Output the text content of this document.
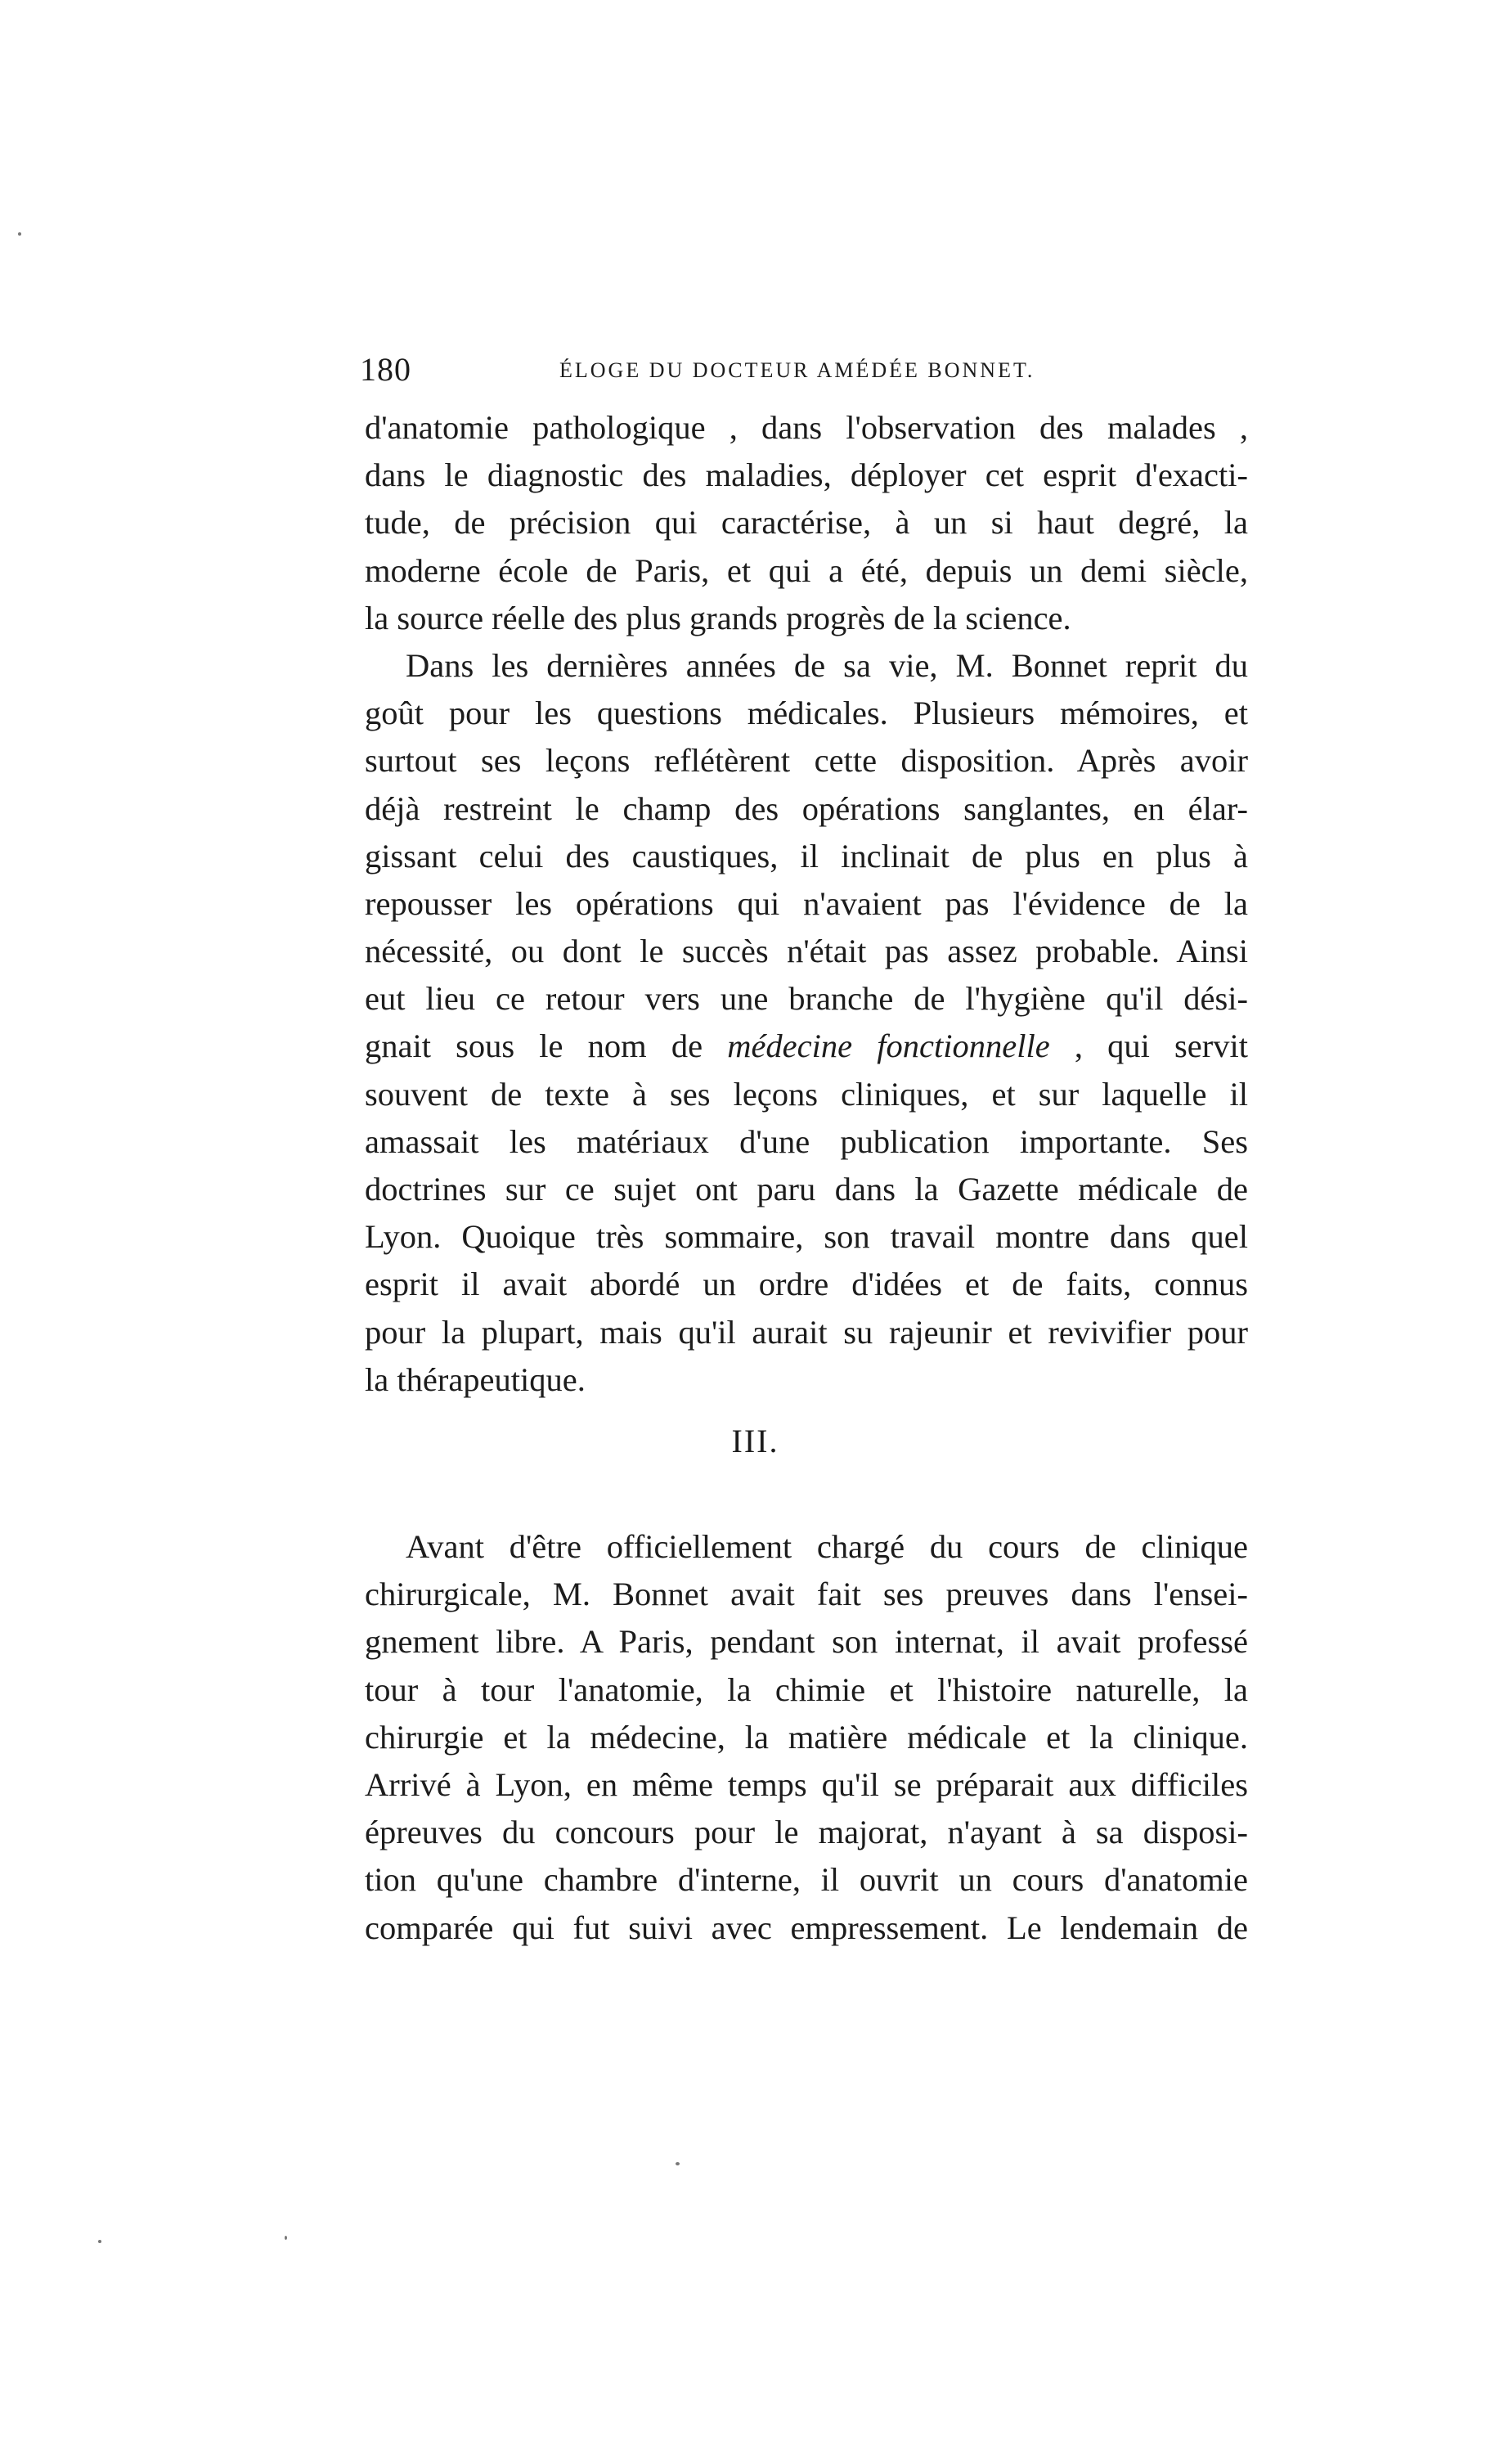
180	ÉLOGE DU DOCTEUR AMÉDÉE BONNET.
d'anatomie pathologique , dans l'observation des malades ,
dans le diagnostic des maladies, déployer cet esprit d'exacti-
tude, de précision qui caractérise, à un si haut degré, la
moderne école de Paris, et qui a été, depuis un demi siècle,
la source réelle des plus grands progrès de la science.
Dans les dernières années de sa vie, M. Bonnet reprit du
goût pour les questions médicales. Plusieurs mémoires, et
surtout ses leçons reflétèrent cette disposition. Après avoir
déjà restreint le champ des opérations sanglantes, en élar-
gissant celui des caustiques, il inclinait de plus en plus à
repousser les opérations qui n'avaient pas l'évidence de la
nécessité, ou dont le succès n'était pas assez probable. Ainsi
eut lieu ce retour vers une branche de l'hygiène qu'il dési-
gnait sous le nom de médecine fonctionnelle , qui servit
souvent de texte à ses leçons cliniques, et sur laquelle il
amassait les matériaux d'une publication importante. Ses
doctrines sur ce sujet ont paru dans la Gazette médicale de
Lyon. Quoique très sommaire, son travail montre dans quel
esprit il avait abordé un ordre d'idées et de faits, connus
pour la plupart, mais qu'il aurait su rajeunir et revivifier pour
la thérapeutique.
III.
Avant d'être officiellement chargé du cours de clinique
chirurgicale, M. Bonnet avait fait ses preuves dans l'ensei-
gnement libre. A Paris, pendant son internat, il avait professé
tour à tour l'anatomie, la chimie et l'histoire naturelle, la
chirurgie et la médecine, la matière médicale et la clinique.
Arrivé à Lyon, en même temps qu'il se préparait aux difficiles
épreuves du concours pour le majorat, n'ayant à sa disposi-
tion qu'une chambre d'interne, il ouvrit un cours d'anatomie
comparée qui fut suivi avec empressement. Le lendemain de
